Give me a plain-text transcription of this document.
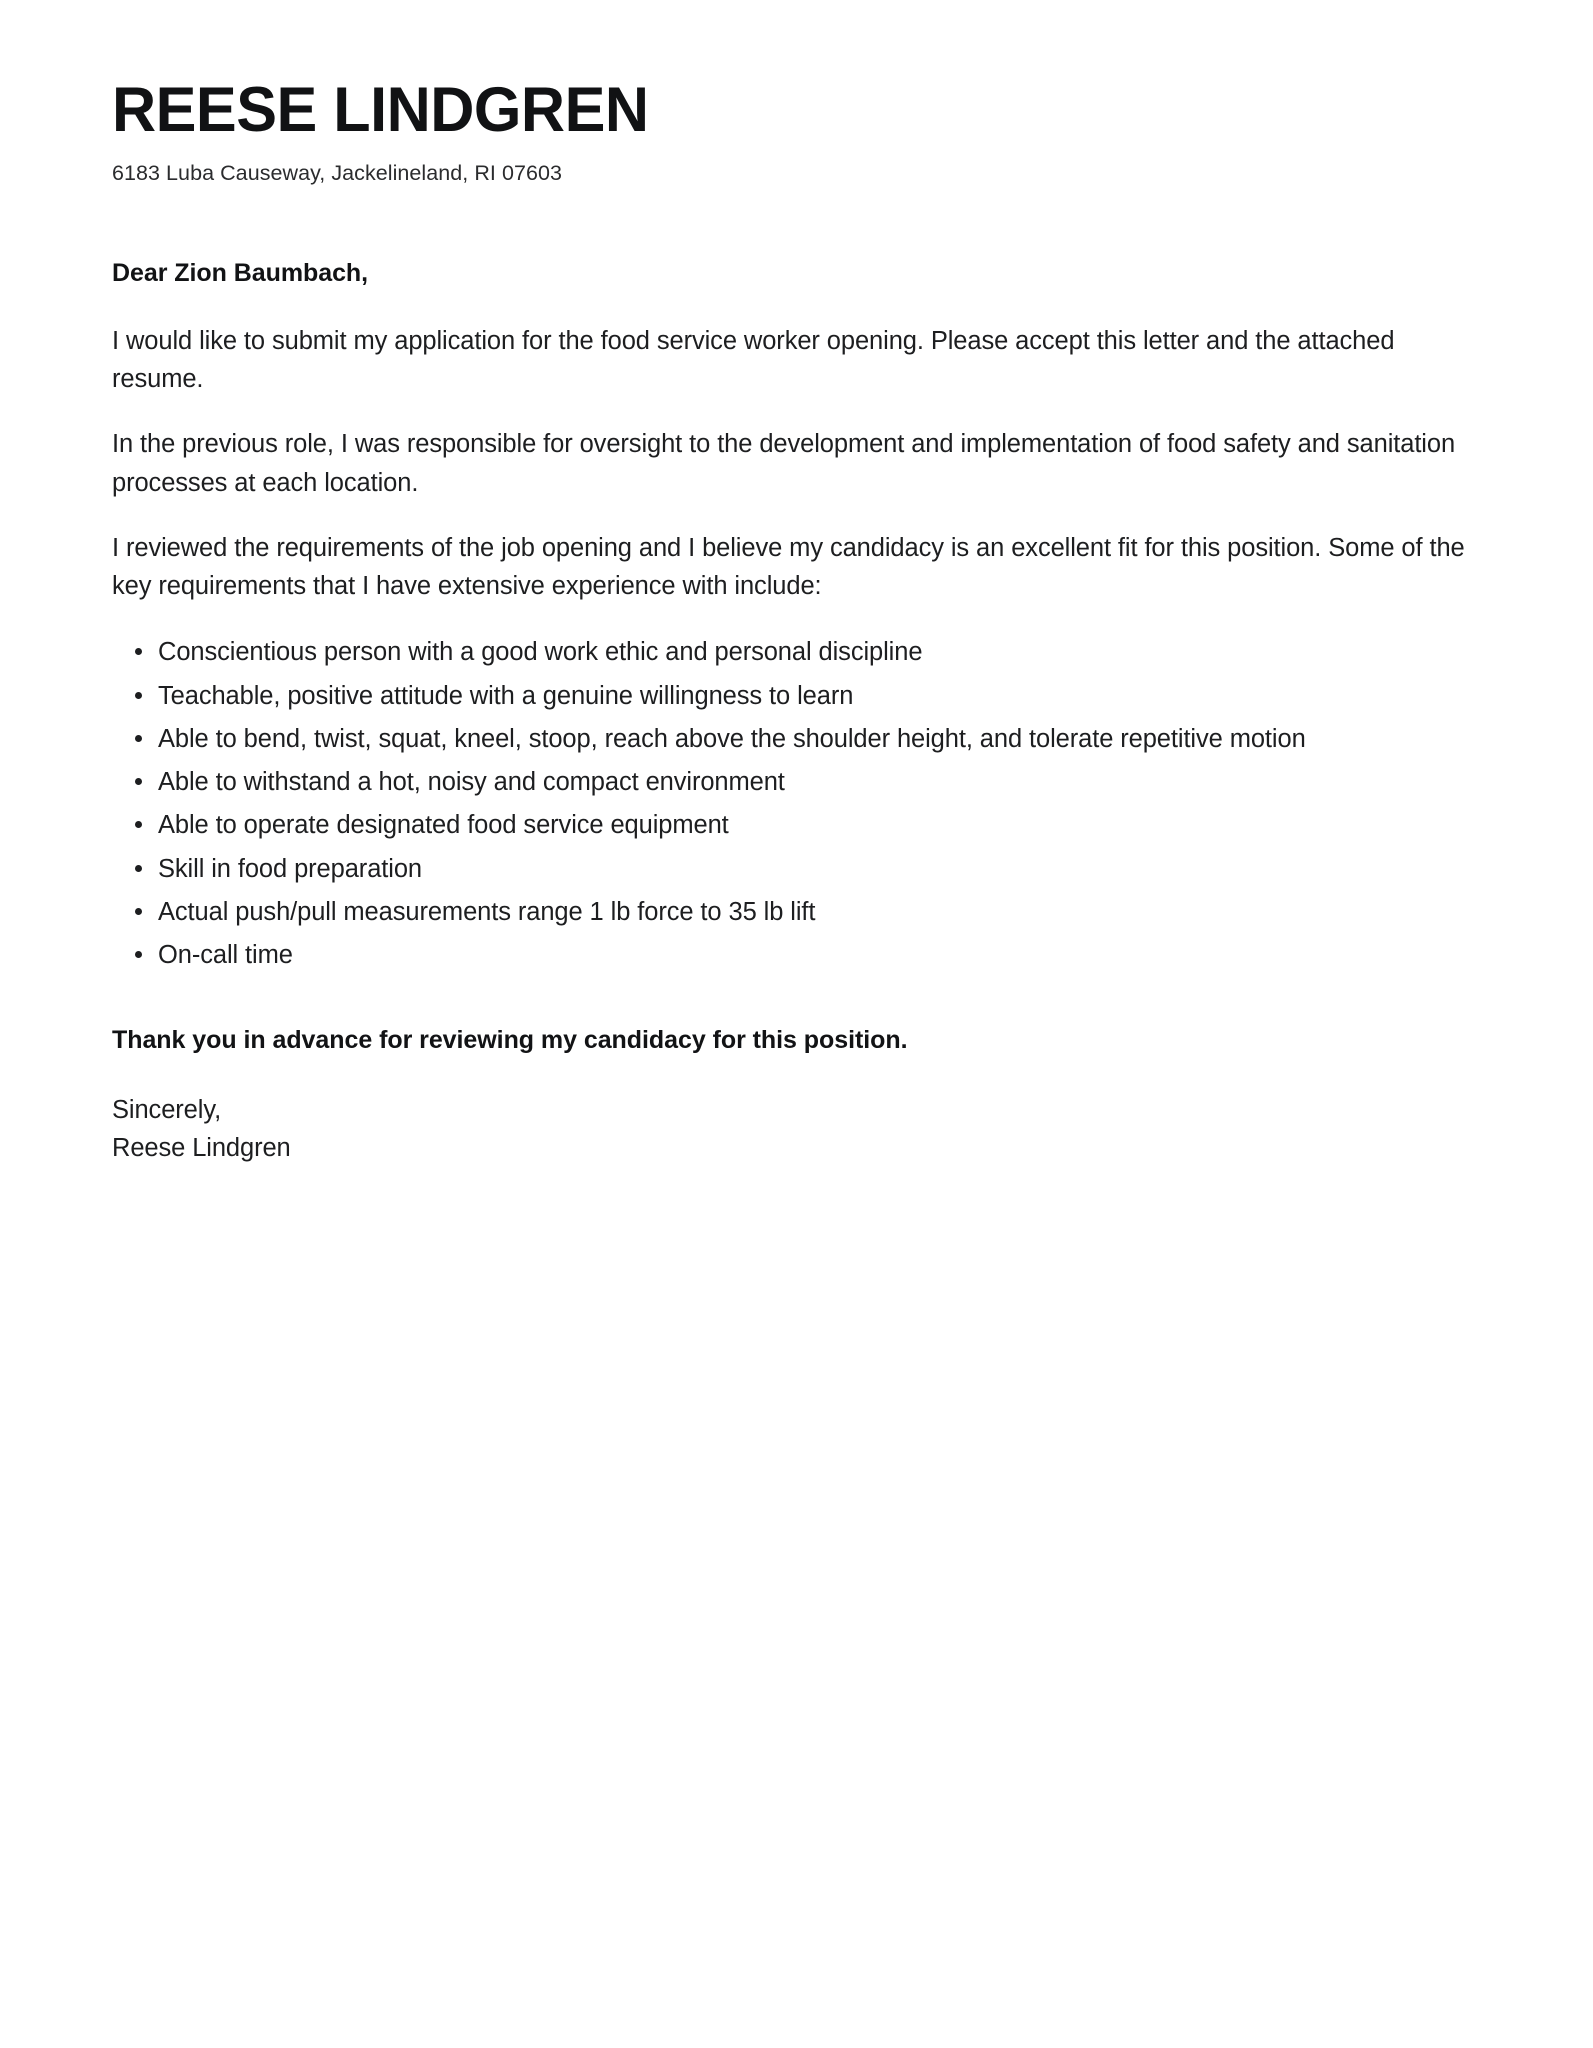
REESE LINDGREN

6183 Luba Causeway, Jackelineland, RI 07603

Dear Zion Baumbach,

I would like to submit my application for the food service worker opening. Please accept this letter and the attached resume.

In the previous role, I was responsible for oversight to the development and implementation of food safety and sanitation processes at each location.

I reviewed the requirements of the job opening and I believe my candidacy is an excellent fit for this position. Some of the key requirements that I have extensive experience with include:

Conscientious person with a good work ethic and personal discipline
Teachable, positive attitude with a genuine willingness to learn
Able to bend, twist, squat, kneel, stoop, reach above the shoulder height, and tolerate repetitive motion
Able to withstand a hot, noisy and compact environment
Able to operate designated food service equipment
Skill in food preparation
Actual push/pull measurements range 1 lb force to 35 lb lift
On-call time

Thank you in advance for reviewing my candidacy for this position.

Sincerely,
Reese Lindgren
